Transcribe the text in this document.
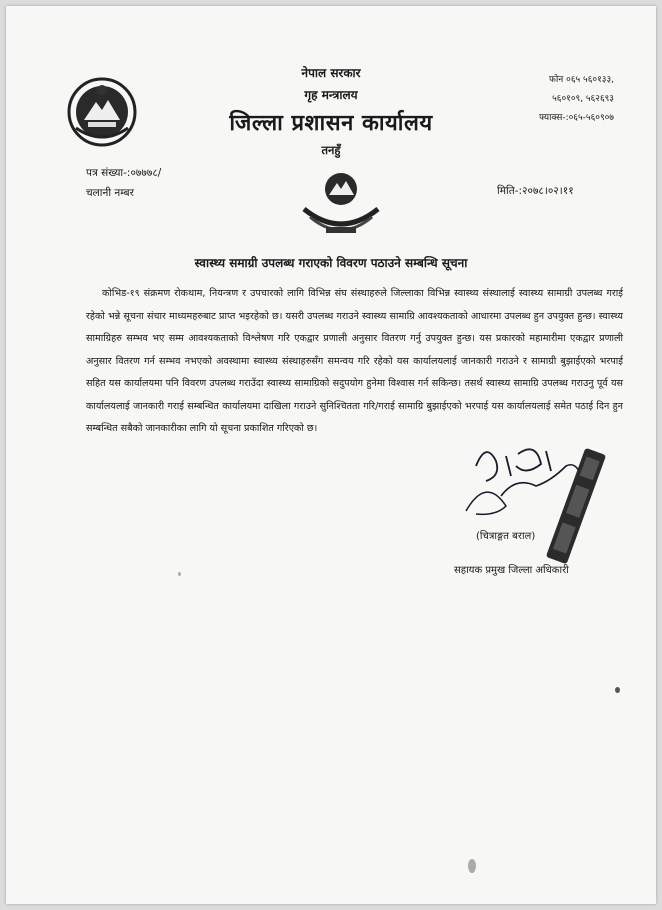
नेपाल सरकार
गृह मन्त्रालय
जिल्ला प्रशासन कार्यालय
तनहुँ
फोन ०६५ ५६०१३३,
५६०१०९, ५६२६९३
फ्याक्स-:०६५-५६०९०७
पत्र संख्या-:०७७७८/
चलानी नम्बर	मिति-:२०७८।०२।११
स्वास्थ्य समाग्री उपलब्ध गराएको विवरण पठाउने सम्बन्धि सूचना
कोभिड-१९ संक्रमण रोकथाम, नियन्त्रण र उपचारको लागि विभिन्न संघ संस्थाहरुले जिल्लाका विभिन्न स्वास्थ्य संस्थालाई स्वास्थ्य सामाग्री उपलब्ध गराई रहेको भन्ने सूचना संचार माध्यमहरुबाट प्राप्त भइरहेको छ। यसरी उपलब्ध गराउने स्वास्थ्य सामाग्रि आवश्यकताको आधारमा उपलब्ध हुन उपयुक्त हुन्छ। स्वास्थ्य सामाग्रिहरु सम्भव भए सम्म आवश्यकताको विश्लेषण गरि एकद्वार प्रणाली अनुसार वितरण गर्नु उपयुक्त हुन्छ। यस प्रकारको महामारीमा एकद्वार प्रणाली अनुसार वितरण गर्न सम्भव नभएको अवस्थामा स्वास्थ्य संस्थाहरुसँग समन्वय गरि रहेको यस कार्यालयलाई जानकारी गराउने र सामाग्री बुझाईएको भरपाई सहित यस कार्यालयमा पनि विवरण उपलब्ध गराउँदा स्वास्थ्य सामाग्रिको सदुपयोग हुनेमा विश्वास गर्न सकिन्छ। तसर्थ स्वास्थ्य सामाग्रि उपलब्ध गराउनु पूर्व यस कार्यालयलाई जानकारी गराई सम्बन्धित कार्यालयमा दाखिला गराउने सुनिश्चितता गरि/गराई सामाग्रि बुझाईएको भरपाई यस कार्यालयलाई समेत पठाई दिन हुन सम्बन्धित सबैको जानकारीका लागि यो सूचना प्रकाशित गरिएको छ।
(चित्राङ्गत बराल)
सहायक प्रमुख जिल्ला अधिकारी
